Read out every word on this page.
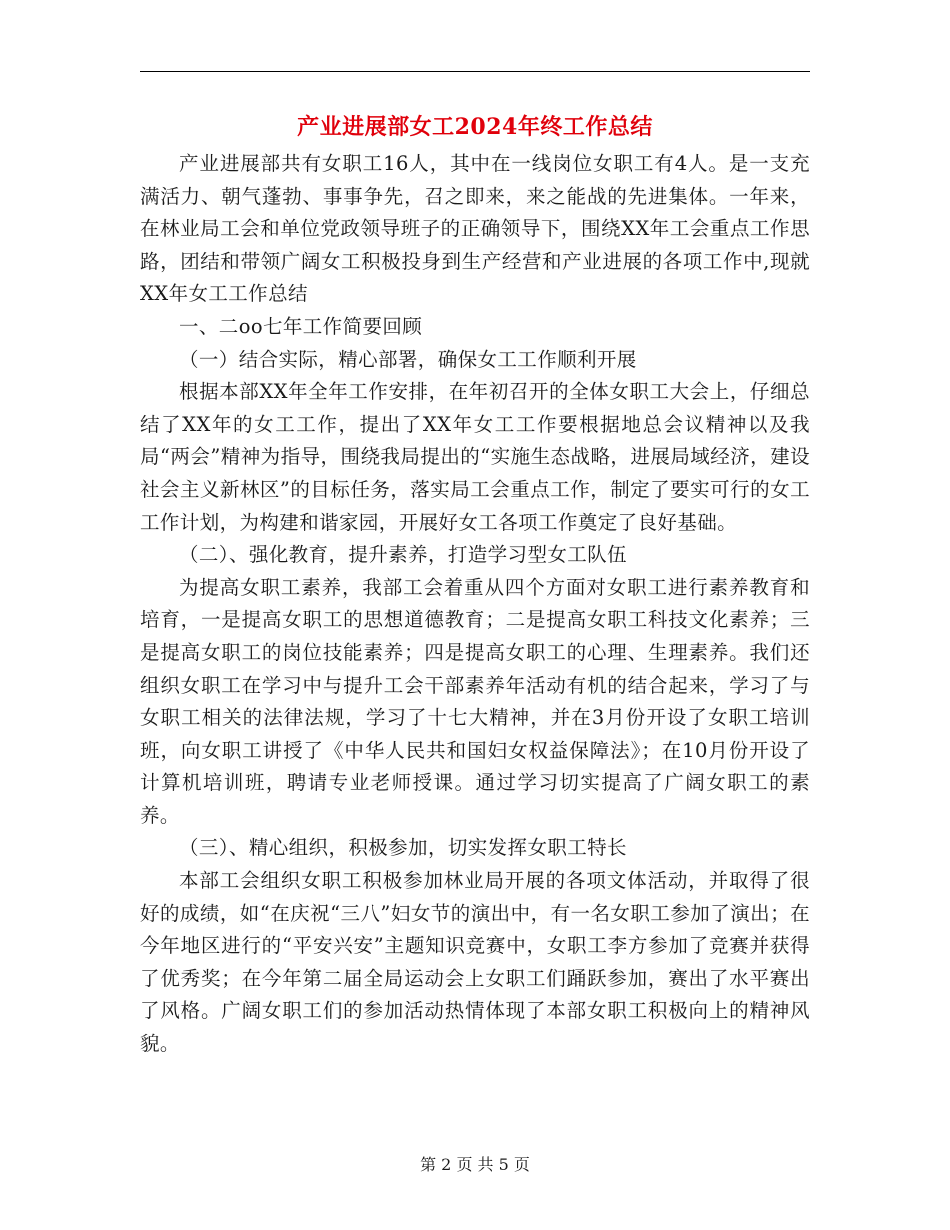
产业进展部女工2024年终工作总结

产业进展部共有女职工16人，其中在一线岗位女职工有4人。是一支充满活力、朝气蓬勃、事事争先，召之即来，来之能战的先进集体。一年来，在林业局工会和单位党政领导班子的正确领导下，围绕XX年工会重点工作思路，团结和带领广阔女工积极投身到生产经营和产业进展的各项工作中,现就XX年女工工作总结

一、二oo七年工作简要回顾

（一）结合实际，精心部署，确保女工工作顺利开展

根据本部XX年全年工作安排，在年初召开的全体女职工大会上，仔细总结了XX年的女工工作，提出了XX年女工工作要根据地总会议精神以及我局“两会”精神为指导，围绕我局提出的“实施生态战略，进展局域经济，建设社会主义新林区”的目标任务，落实局工会重点工作，制定了要实可行的女工工作计划，为构建和谐家园，开展好女工各项工作奠定了良好基础。

（二）、强化教育，提升素养，打造学习型女工队伍

为提高女职工素养，我部工会着重从四个方面对女职工进行素养教育和培育，一是提高女职工的思想道德教育；二是提高女职工科技文化素养；三是提高女职工的岗位技能素养；四是提高女职工的心理、生理素养。我们还组织女职工在学习中与提升工会干部素养年活动有机的结合起来，学习了与女职工相关的法律法规，学习了十七大精神，并在3月份开设了女职工培训班，向女职工讲授了《中华人民共和国妇女权益保障法》；在10月份开设了计算机培训班，聘请专业老师授课。通过学习切实提高了广阔女职工的素养。

（三）、精心组织，积极参加，切实发挥女职工特长

本部工会组织女职工积极参加林业局开展的各项文体活动，并取得了很好的成绩，如“在庆祝“三八”妇女节的演出中，有一名女职工参加了演出；在今年地区进行的“平安兴安”主题知识竞赛中，女职工李方参加了竞赛并获得了优秀奖；在今年第二届全局运动会上女职工们踊跃参加，赛出了水平赛出了风格。广阔女职工们的参加活动热情体现了本部女职工积极向上的精神风貌。

第 2 页 共 5 页
